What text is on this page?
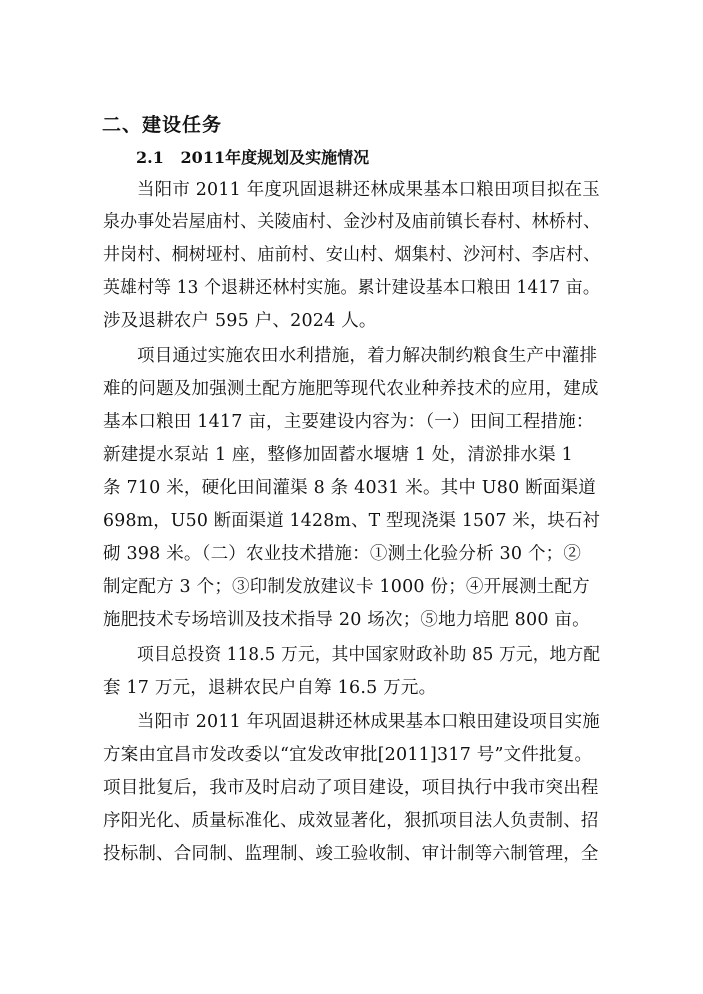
二、建设任务
2.1   2011年度规划及实施情况

当阳市 2011 年度巩固退耕还林成果基本口粮田项目拟在玉

泉办事处岩屋庙村、关陵庙村、金沙村及庙前镇长春村、林桥村、

井岗村、桐树垭村、庙前村、安山村、烟集村、沙河村、李店村、

英雄村等 13 个退耕还林村实施。累计建设基本口粮田 1417 亩。

涉及退耕农户 595 户、2024 人。

项目通过实施农田水利措施，着力解决制约粮食生产中灌排

难的问题及加强测土配方施肥等现代农业种养技术的应用，建成

基本口粮田 1417 亩，主要建设内容为：（一）田间工程措施：

新建提水泵站 1 座，整修加固蓄水堰塘 1 处，清淤排水渠 1

条 710 米，硬化田间灌渠 8 条 4031 米。其中 U80 断面渠道

698m，U50 断面渠道 1428m、T 型现浇渠 1507 米，块石衬

砌 398 米。（二）农业技术措施：①测土化验分析 30 个；②

制定配方 3 个；③印制发放建议卡 1000 份；④开展测土配方

施肥技术专场培训及技术指导 20 场次；⑤地力培肥 800 亩。

项目总投资 118.5 万元，其中国家财政补助 85 万元，地方配

套 17 万元，退耕农民户自筹 16.5 万元。

当阳市 2011 年巩固退耕还林成果基本口粮田建设项目实施

方案由宜昌市发改委以“宜发改审批[2011]317 号”文件批复。

项目批复后，我市及时启动了项目建设，项目执行中我市突出程

序阳光化、质量标准化、成效显著化，狠抓项目法人负责制、招

投标制、合同制、监理制、竣工验收制、审计制等六制管理，全
